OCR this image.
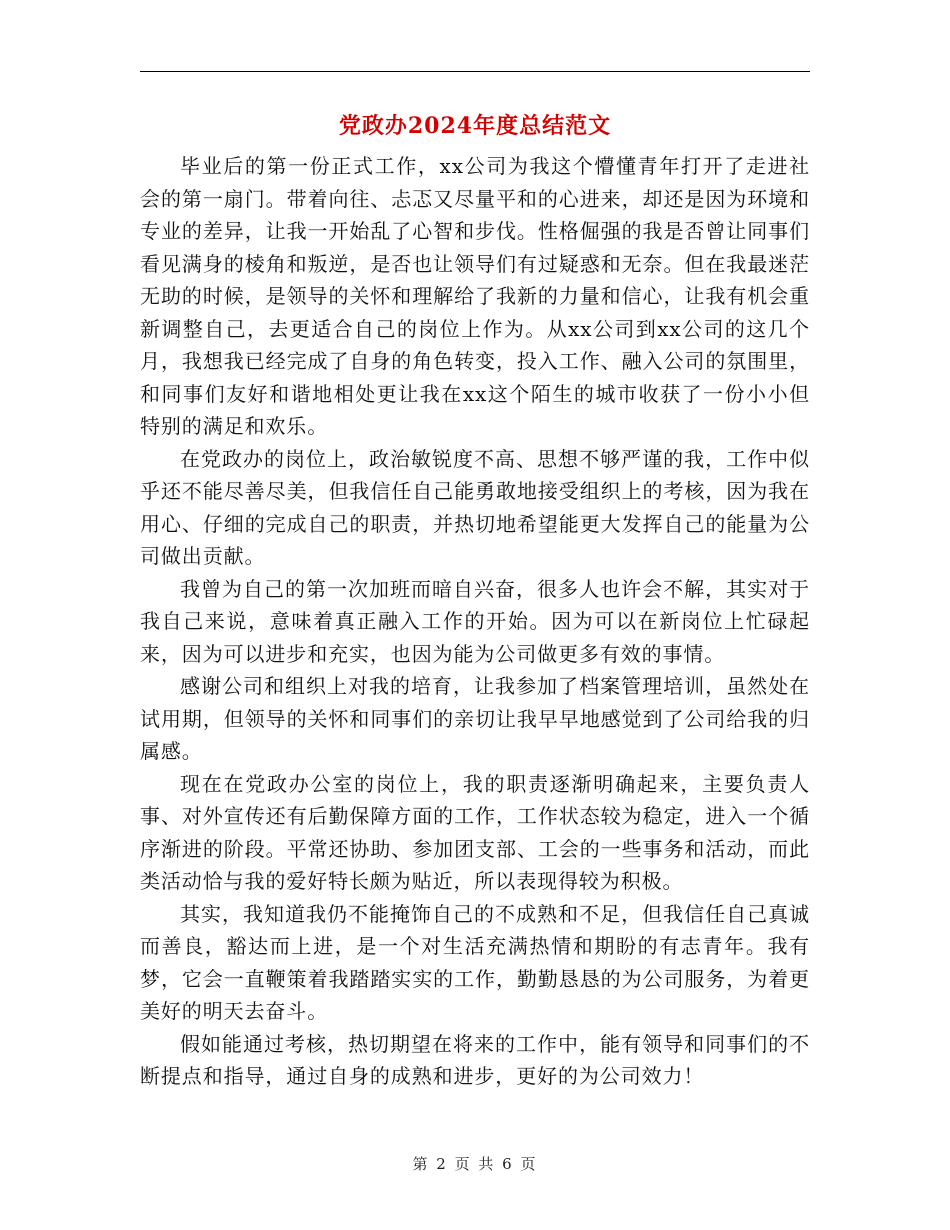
党政办2024年度总结范文

毕业后的第一份正式工作，xx公司为我这个懵懂青年打开了走进社会的第一扇门。带着向往、忐忑又尽量平和的心进来，却还是因为环境和专业的差异，让我一开始乱了心智和步伐。性格倔强的我是否曾让同事们看见满身的棱角和叛逆，是否也让领导们有过疑惑和无奈。但在我最迷茫无助的时候，是领导的关怀和理解给了我新的力量和信心，让我有机会重新调整自己，去更适合自己的岗位上作为。从xx公司到xx公司的这几个月，我想我已经完成了自身的角色转变，投入工作、融入公司的氛围里，和同事们友好和谐地相处更让我在xx这个陌生的城市收获了一份小小但特别的满足和欢乐。

在党政办的岗位上，政治敏锐度不高、思想不够严谨的我，工作中似乎还不能尽善尽美，但我信任自己能勇敢地接受组织上的考核，因为我在用心、仔细的完成自己的职责，并热切地希望能更大发挥自己的能量为公司做出贡献。

我曾为自己的第一次加班而暗自兴奋，很多人也许会不解，其实对于我自己来说，意味着真正融入工作的开始。因为可以在新岗位上忙碌起来，因为可以进步和充实，也因为能为公司做更多有效的事情。

感谢公司和组织上对我的培育，让我参加了档案管理培训，虽然处在试用期，但领导的关怀和同事们的亲切让我早早地感觉到了公司给我的归属感。

现在在党政办公室的岗位上，我的职责逐渐明确起来，主要负责人事、对外宣传还有后勤保障方面的工作，工作状态较为稳定，进入一个循序渐进的阶段。平常还协助、参加团支部、工会的一些事务和活动，而此类活动恰与我的爱好特长颇为贴近，所以表现得较为积极。

其实，我知道我仍不能掩饰自己的不成熟和不足，但我信任自己真诚而善良，豁达而上进，是一个对生活充满热情和期盼的有志青年。我有梦，它会一直鞭策着我踏踏实实的工作，勤勤恳恳的为公司服务，为着更美好的明天去奋斗。

假如能通过考核，热切期望在将来的工作中，能有领导和同事们的不断提点和指导，通过自身的成熟和进步，更好的为公司效力！

第 2 页 共 6 页
